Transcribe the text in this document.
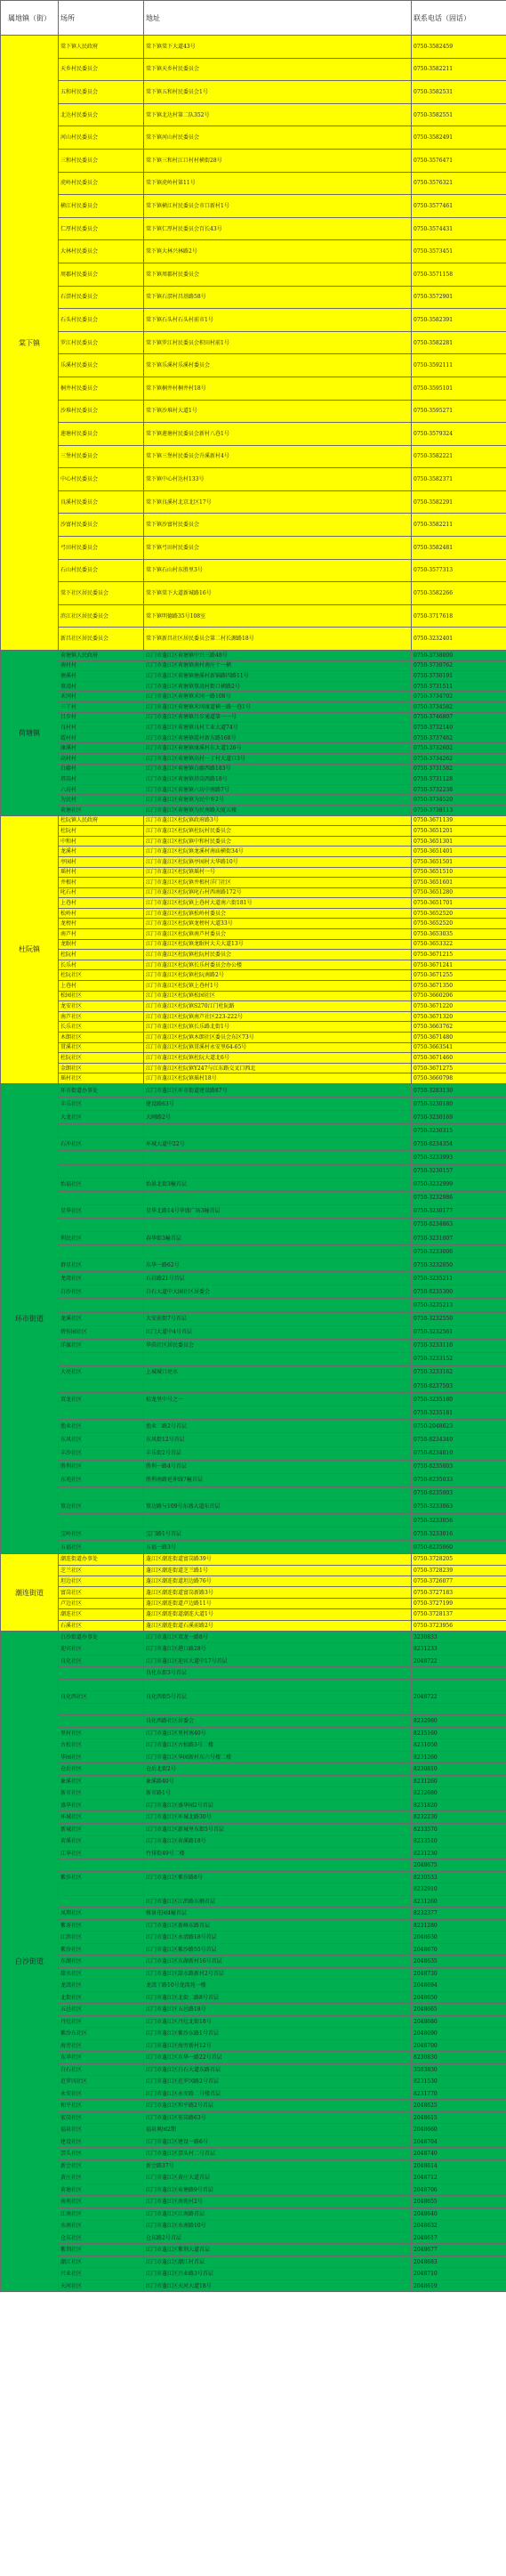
属地镇（街）	场所	地址	联系电话（固话）
棠下镇	棠下镇人民政府	棠下镇棠下大道43号	0750-3582459
	天乡村民委员会	棠下镇天乡村民委员会	0750-3582211
	五和村民委员会	棠下镇五和村民委员会1号	0750-3582531
	北达村民委员会	棠下镇北达村第二队352号	0750-3582551
	河山村民委员会	棠下镇河山村民委员会	0750-3582491
	三和村民委员会	棠下镇三和村江口村村横街28号	0750-3576471
	虎岭村民委员会	棠下镇虎岭村第11号	0750-3576321
	横江村民委员会	棠下镇横江村民委员会市口新村1号	0750-3577461
	仁厚村民委员会	棠下镇仁厚村民委员会百长43号	0750-3574431
	大林村民委员会	棠下镇大林兴林路2号	0750-3573451
	周郡村民委员会	棠下镇周郡村民委员会	0750-3571158
	石滘村民委员会	棠下镇石滘村昌基路58号	0750-3572901
	石头村民委员会	棠下镇石头村石头村前市1号	0750-3582391
	罗江村民委员会	棠下镇罗江村民委员会积田村前1号	0750-3582281
	乐溪村民委员会	棠下镇乐溪村乐溪村委员会	0750-3592111
	桐井村民委员会	棠下镇桐井村桐井村18号	0750-3595101
	沙堆村民委员会	棠下镇沙堆村大道1号	0750-3595271
	莲塘村民委员会	棠下镇莲塘村民委员会新村八巷1号	0750-3579324
	三堡村民委员会	棠下镇三堡村民委员会升溪新村4号	0750-3582221
	中心村民委员会	棠下镇中心村达村133号	0750-3582371
	良溪村民委员会	棠下镇良溪村北京北区17号	0750-3582291
	沙富村民委员会	棠下镇沙富村民委员会	0750-3582211
	弓田村民委员会	棠下镇弓田村民委员会	0750-3582481
	石山村民委员会	棠下镇石山村东胜里3号	0750-3577313
	棠下社区居民委员会	棠下镇棠下大道新城路16号	0750-3582266
	滨江社区居民委员会	棠下镇明德路35号108室	0750-3717618
	新昌社区居民委员会	棠下镇新昌社区居民委员会第二村长源路18号	0750-3232401
荷塘镇	荷塘镇人民政府	江门市蓬江区荷塘镇中兴三路48号	0750-3738000
	南村村	江门市蓬江区荷塘镇南村南庄十一横	0750-3730762
	塘溪村	江门市蓬江区荷塘镇塘溪村新锦路四路11号	0750-3730191
	篁湾村	江门市蓬江区荷塘镇篁湾村街口横路2号	0750-3731511
	禾冈村	江门市蓬江区荷塘镇禾冈一路108号	0750-3734702
	三丫村	江门市蓬江区荷塘镇禾冈康道横一路一巷1号	0750-3734582
	吕步村	江门市蓬江区荷塘镇吕步通道第一一号	0750-3746807
	良村村	江门市蓬江区荷塘镇良村工业大道74号	0750-3732140
	霞村村	江门市蓬江区荷塘镇霞村新东路168号	0750-3737462
	康溪村	江门市蓬江区荷塘镇康溪村东大道126号	0750-3732602
	高村村	江门市蓬江区荷塘镇高村一丁村大道口3号	0750-3734262
	白藤村	江门市蓬江区荷塘镇白藤西路183号	0750-3731582
	塔岗村	江门市蓬江区荷塘镇塔岗西路18号	0750-3731128
	六坊村	江门市蓬江区荷塘镇六坊中南路7号	0750-3732238
	为民村	江门市蓬江区荷塘镇为民中乡2号	0750-3734520
	荷塘社区	江门市蓬江区荷塘镇为民南路大厦五楼	0750-3738113
杜阮镇	杜阮镇人民政府	江门市蓬江区杜阮镇政府路3号	0750-3671139
	杜阮村	江门市蓬江区杜阮镇杜阮村民委员会	0750-3651201
	中和村	江门市蓬江区杜阮镇中和村民委员会	0750-3651301
	龙溪村	江门市蓬江区杜阮镇龙溪村南庙横街34号	0750-3651401
	亭园村	江门市蓬江区杜阮镇亭园村大华路10号	0750-3651501
	瑶村村	江门市蓬江区杜阮镇瑶村一号	0750-3651510
	井根村	江门市蓬江区杜阮镇井根村洋门社区	0750-3651601
	叱石村	江门市蓬江区杜阮镇叱石村西南路172号	0750-3651280
	上巷村	江门市蓬江区杜阮镇上巷村大道南六街181号	0750-3651701
	松岭村	江门市蓬江区杜阮镇松岭村委员会	0750-3652520
	龙榜村	江门市蓬江区杜阮镇龙榜村大道33号	0750-3652520
	南芦村	江门市蓬江区杜阮镇南芦村委员会	0750-3653035
	龙眠村	江门市蓬江区杜阮镇龙眠村大夫大道13号	0750-3653322
	杜阮村	江门市蓬江区杜阮镇杜阮村民委员会	0750-3671215
	长乐村	江门市蓬江区杜阮镇长乐村委员会办公楼	0750-3671241
	杜阮社区	江门市蓬江区杜阮镇杜阮南路2号	0750-3671255
	上巷村	江门市蓬江区杜阮镇上巷村1号	0750-3671350
	松园社区	江门市蓬江区杜阮镇松园社区	0750-3660206
	龙安社区	江门市蓬江区杜阮镇S270江门杜阮路	0750-3671220
	南芦社区	江门市蓬江区杜阮镇南芦社区223-222号	0750-3671320
	长乐社区	江门市蓬江区杜阮镇长乐路北街1号	0750-3663762
	木朗社区	江门市蓬江区杜阮镇木朗社区委员会东区73号	0750-3671480
	贯溪社区	江门市蓬江区杜阮镇贯溪村永安里64-65号	0750-3663541
	杜阮社区	江门市蓬江区杜阮镇杜阮大道北6号	0750-3671460
	金朗社区	江门市蓬江区杜阮镇Y247与江东路交叉口西北	0750-3671275
	瑶村社区	江门市蓬江区杜阮镇瑶村18号	0750-3660798
环市街道	环市街道办事处	江门市蓬江区环市街道建设路87号	0750-3283130
	丰乐社区	建设路63号	0750-3230180
	大龙社区	大闸路2号	0750-3230169
			0750-3230315
	石冲社区	环城大道中22号	0750-8234354
			0750-3233993
			0750-3230157
	怡福社区	怡景北街3幢首层	0750-3232999
			0750-3232986
	星华社区	星华北路14号华盛广场3幢首层	0750-3230177
			0750-8234863
	利民社区	春华街3幢首层	0750-3231007
			0750-3233006
	群星社区	东华一路62号	0750-3232050
	龙湾社区	石岩路21号首层	0750-3235211
	白沙社区	白石大道中大园社区居委会	0750-8235300
			0750-3235213
	龙溪社区	大安前街7号首层	0750-3232550
	碧桂园社区	江门大道中4号首层	0750-3232561
	洋旗社区	华茵社区居民委员会	0750-3233110
			0750-3233152
	大亮社区	上城城口亮水	0750-3233162
			0750-8237503
	双龙社区	棕龙里中号之一	0750-3235180
			0750-3235181
	渔业社区	渔业二路2号首层	0750-2048623
	东风社区	东风街12号首层	0750-8234340
	丰沙社区	丰乐街2号首层	0750-8234010
	胜利社区	胜利一路4号首层	0750-8235003
	东苑社区	胜利南路延伸线7幢首层	0750-8235033
			0750-8235003
	篁边社区	篁边路与109号东盛大道东首层	0750-3233063
			0750-3233056
	宝岭社区	宝门路1号首层	0750-3233016
	五福社区	五福一路3号	0750-8235060
潮连街道	潮连街道办事处	蓬江区潮连街道富岗路39号	0750-3728205
	芝兰社区	蓬江区潮连街道芝兰路1号	0750-3728239
	坦边社区	蓬江区潮连街道坦边路76号	0750-3726077
	富岗社区	蓬江区潮连街道富岗新路3号	0750-3727183
	卢边社区	蓬江区潮连街道卢边路11号	0750-3727199
	潮连社区	蓬江区潮连街道潮连大道1号	0750-3728137
	石溪社区	蓬江区潮连街道石溪前路2号	0750-3723956
白沙街道	白沙街道办事处	江门市蓬江区双龙一路8号	3230833
	迎宾社区	江门市蓬江区港口路28号	8231233
	良化社区	江门市蓬江区迎宾大道中17号首层	2048722
		良化东街3号首层	

	良化西社区	良化西街5号首层	2048722

		良化西路社区居委会	8232980
	里村社区	江门市蓬江区里村南40号	8235160
	古松社区	江门市蓬江区古松路3号二楼	8231050
	华园社区	江门市蓬江区华园新村东六号楼二楼	8231260
	仓后社区	仓后北街2号	8230810
	象溪社区	象溪路40号	8231260
	新市社区	新市路1号	8232680
	盛华社区	江门市蓬江区盛华园2号首层	8231820
	环城社区	江门市蓬江区环城北路30号	8232230
	新城社区	江门市蓬江区新城里东街5号首层	8233570
	荷溪社区	江门市蓬江区荷溪路18号	8233510
	江华社区	竹排街49号二楼	8231230
			2048675
	紫莎社区	江门市蓬江区紫莎路8号	8230533
			8232910
		江门市蓬江区江滨路东侧首层	8231260
	凤翔社区	雅景花园4幢首层	8232377
	紫茶社区	江门市蓬江区新峰东路首层	8231280
	江滨社区	江门市蓬江区永清路18号首层	2048630
	紫沙社区	江门市蓬江区紫沙路55号首层	2048670
	东湖社区	江门市蓬江区东湖新村16号首层	2048635
	甜水社区	江门市蓬江区甜水路新村2号首层	2048730
	龙湾社区	龙湾丁路10号龙湾苑一楼	2048694
	北街社区	江门市蓬江区北街二路8号首层	2048650
	五邑社区	江门市蓬江区五邑路18号	2048665
	丹灶社区	江门市蓬江区丹灶北街18号	2048680
	紫沙东社区	江门市蓬江区紫沙东路1号首层	2048690
	海旁社区	江门市蓬江区海旁新村12号	2048700
	东华社区	江门市蓬江区东华一路22号首层	8230830
	白石社区	江门市蓬江区白石大道东路首层	3503830
	范罗冈社区	江门市蓬江区范罗冈路2号首层	8231530
	永安社区	江门市蓬江区永安路二号楼首层	8231770
	和平社区	江门市蓬江区和平路2号首层	2048625
	宏岗社区	江门市蓬江区宏岗路63号	2048615
	福泉社区	福泉奥园2期	2048660
	建设社区	江门市蓬江区建设一路6号	2048704
	滘头社区	江门市蓬江区滘头村二号首层	2048740
	新会社区	新会路37号	2048614
	黄庄社区	江门市蓬江区黄庄大道首层	2048712
	荷塘社区	江门市蓬江区荷塘路9号首层	2048706
	南苑社区	江门市蓬江区南苑村2号	2048655
	江南社区	江门市蓬江区江南路首层	2048640
	水南社区	江门市蓬江区水南路10号	2048632
	仓东社区	仓东路2号首层	2048617
	紫荆社区	江门市蓬江区紫荆大道首层	2048677
	潮江社区	江门市蓬江区潮江村首层	2048683
	兴业社区	江门市蓬江区兴业路3号首层	2048710
	天河社区	江门市蓬江区天河大道18号	2048619
